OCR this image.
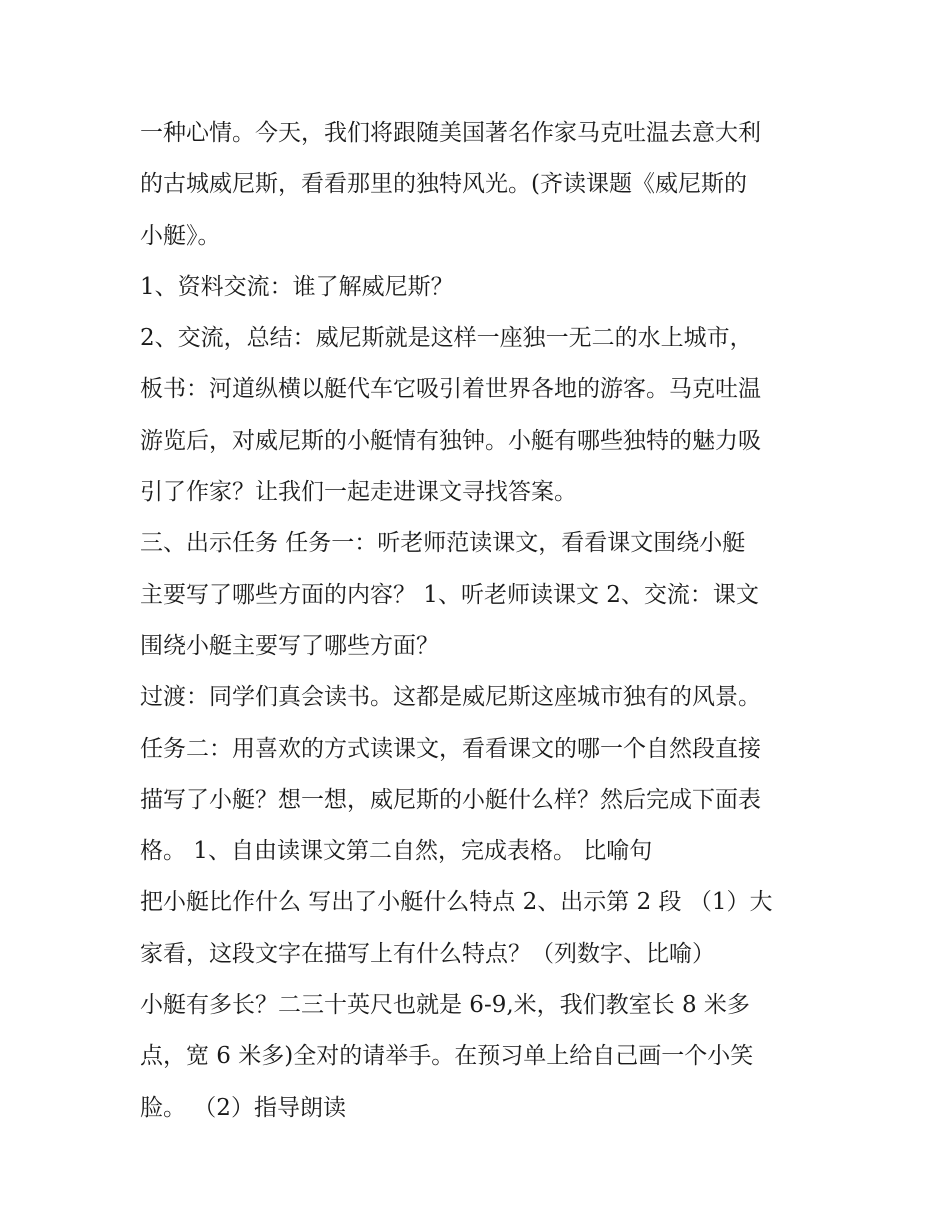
一种心情。今天，我们将跟随美国著名作家马克吐温去意大利
的古城威尼斯，看看那里的独特风光。(齐读课题《威尼斯的
小艇》。
1、资料交流：谁了解威尼斯？
2、交流，总结：威尼斯就是这样一座独一无二的水上城市，
板书：河道纵横以艇代车它吸引着世界各地的游客。马克吐温
游览后，对威尼斯的小艇情有独钟。小艇有哪些独特的魅力吸
引了作家？让我们一起走进课文寻找答案。
三、出示任务 任务一：听老师范读课文，看看课文围绕小艇
主要写了哪些方面的内容？ 1、听老师读课文 2、交流：课文
围绕小艇主要写了哪些方面？
过渡：同学们真会读书。这都是威尼斯这座城市独有的风景。
任务二：用喜欢的方式读课文，看看课文的哪一个自然段直接
描写了小艇？想一想，威尼斯的小艇什么样？然后完成下面表
格。 1、自由读课文第二自然，完成表格。 比喻句
把小艇比作什么 写出了小艇什么特点 2、出示第 2 段 （1）大
家看，这段文字在描写上有什么特点？（列数字、比喻）
小艇有多长？二三十英尺也就是 6-9,米，我们教室长 8 米多
点，宽 6 米多)全对的请举手。在预习单上给自己画一个小笑
脸。 （2）指导朗读
